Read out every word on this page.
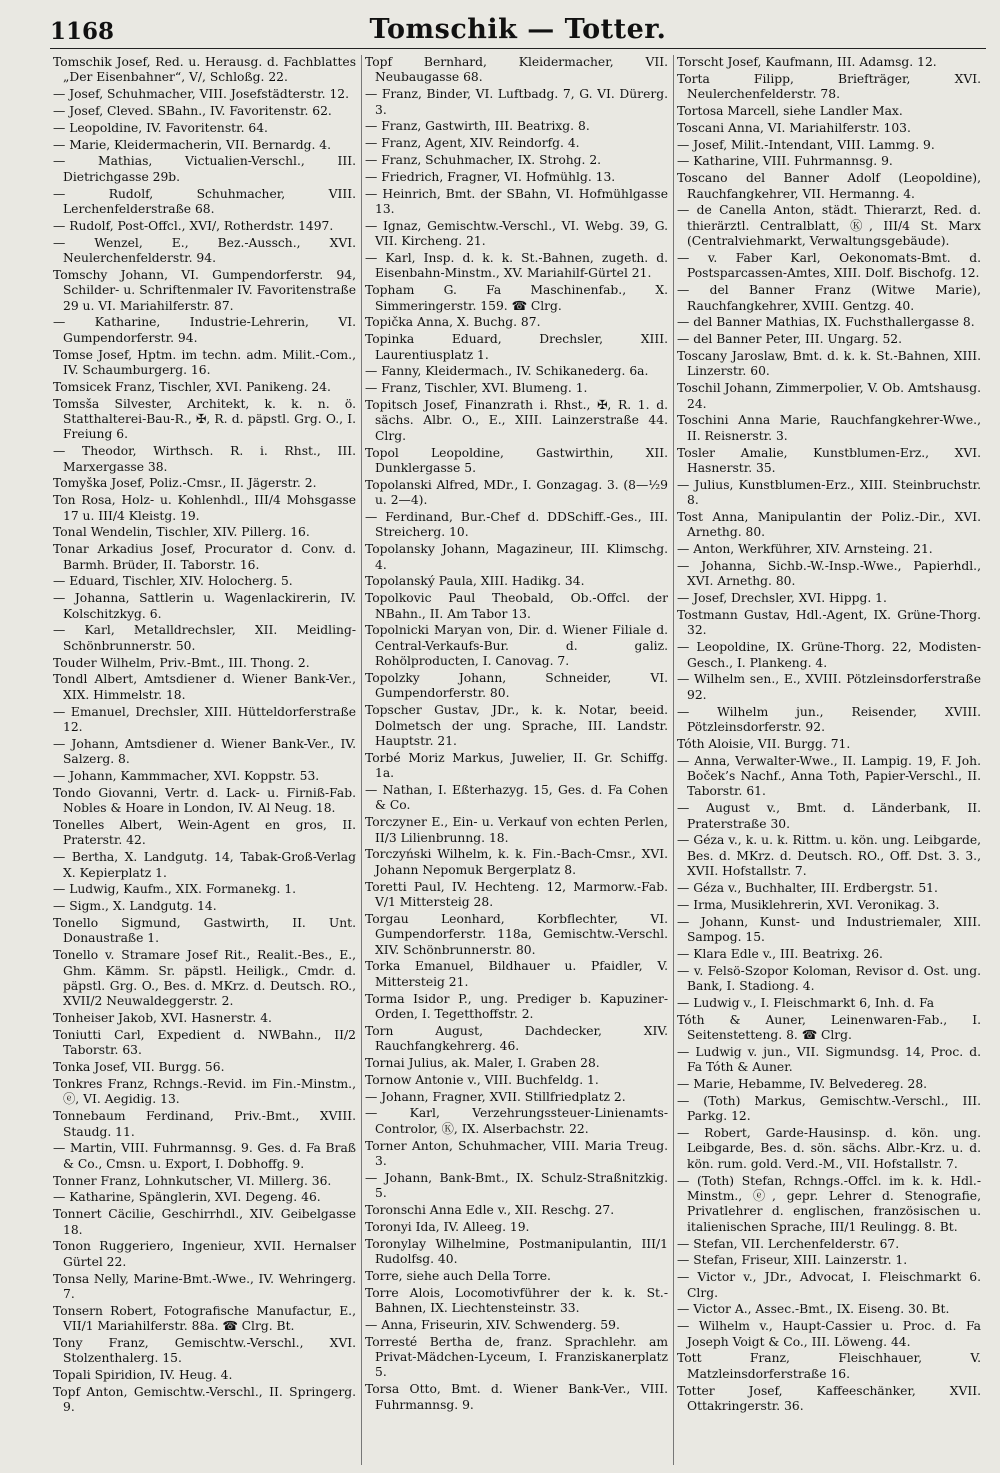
1168	Tomschik — Totter.

Tomschik Josef, Red. u. Herausg. d. Fachblattes „Der Eisenbahner“, V/, Schloßg. 22.

— Josef, Schuhmacher, VIII. Josefstädterstr. 12.

— Josef, Cleved. SBahn., IV. Favoritenstr. 62.

— Leopoldine, IV. Favoritenstr. 64.

— Marie, Kleidermacherin, VII. Bernardg. 4.

— Mathias, Victualien-Verschl., III. Dietrichgasse 29b.

— Rudolf, Schuhmacher, VIII. Lerchenfelderstraße 68.

— Rudolf, Post-Offcl., XVI/, Rotherdstr. 1497.

— Wenzel, E., Bez.-Aussch., XVI. Neulerchenfelderstr. 94.

Tomschy Johann, VI. Gumpendorferstr. 94, Schilder- u. Schriftenmaler IV. Favoritenstraße 29 u. VI. Mariahilferstr. 87.

— Katharine, Industrie-Lehrerin, VI. Gumpendorferstr. 94.

Tomse Josef, Hptm. im techn. adm. Milit.-Com., IV. Schaumburgerg. 16.

Tomsicek Franz, Tischler, XVI. Panikeng. 24.

Tomsša Silvester, Architekt, k. k. n. ö. Statthalterei-Bau-R., ✠, R. d. päpstl. Grg. O., I. Freiung 6.

— Theodor, Wirthsch. R. i. Rhst., III. Marxergasse 38.

Tomyška Josef, Poliz.-Cmsr., II. Jägerstr. 2.

Ton Rosa, Holz- u. Kohlenhdl., III/4 Mohsgasse 17 u. III/4 Kleistg. 19.

Tonal Wendelin, Tischler, XIV. Pillerg. 16.

Tonar Arkadius Josef, Procurator d. Conv. d. Barmh. Brüder, II. Taborstr. 16.

— Eduard, Tischler, XIV. Holocherg. 5.

— Johanna, Sattlerin u. Wagenlackirerin, IV. Kolschitzkyg. 6.

— Karl, Metalldrechsler, XII. Meidling-Schönbrunnerstr. 50.

Touder Wilhelm, Priv.-Bmt., III. Thong. 2.

Tondl Albert, Amtsdiener d. Wiener Bank-Ver., XIX. Himmelstr. 18.

— Emanuel, Drechsler, XIII. Hütteldorferstraße 12.

— Johann, Amtsdiener d. Wiener Bank-Ver., IV. Salzerg. 8.

— Johann, Kammmacher, XVI. Koppstr. 53.

Tondo Giovanni, Vertr. d. Lack- u. Firniß-Fab. Nobles & Hoare in London, IV. Al Neug. 18.

Tonelles Albert, Wein-Agent en gros, II. Praterstr. 42.

— Bertha, X. Landgutg. 14, Tabak-Groß-Verlag X. Kepierplatz 1.

— Ludwig, Kaufm., XIX. Formanekg. 1.

— Sigm., X. Landgutg. 14.

Tonello Sigmund, Gastwirth, II. Unt. Donaustraße 1.

Tonello v. Stramare Josef Rit., Realit.-Bes., E., Ghm. Kämm. Sr. päpstl. Heiligk., Cmdr. d. päpstl. Grg. O., Bes. d. MKrz. d. Deutsch. RO., XVII/2 Neuwaldeggerstr. 2.

Tonheiser Jakob, XVI. Hasnerstr. 4.

Toniutti Carl, Expedient d. NWBahn., II/2 Taborstr. 63.

Tonka Josef, VII. Burgg. 56.

Tonkres Franz, Rchngs.-Revid. im Fin.-Minstm., ⓔ, VI. Aegidig. 13.

Tonnebaum Ferdinand, Priv.-Bmt., XVIII. Staudg. 11.

— Martin, VIII. Fuhrmannsg. 9. Ges. d. Fa Braß & Co., Cmsn. u. Export, I. Dobhoffg. 9.

Tonner Franz, Lohnkutscher, VI. Millerg. 36.

— Katharine, Spänglerin, XVI. Degeng. 46.

Tonnert Cäcilie, Geschirrhdl., XIV. Geibelgasse 18.

Tonon Ruggeriero, Ingenieur, XVII. Hernalser Gürtel 22.

Tonsa Nelly, Marine-Bmt.-Wwe., IV. Wehringerg. 7.

Tonsern Robert, Fotografische Manufactur, E., VII/1 Mariahilferstr. 88a. ☎ Clrg. Bt.

Tony Franz, Gemischtw.-Verschl., XVI. Stolzenthalerg. 15.

Topali Spiridion, IV. Heug. 4.

Topf Anton, Gemischtw.-Verschl., II. Springerg. 9.

Topf Bernhard, Kleidermacher, VII. Neubaugasse 68.

— Franz, Binder, VI. Luftbadg. 7, G. VI. Dürerg. 3.

— Franz, Gastwirth, III. Beatrixg. 8.

— Franz, Agent, XIV. Reindorfg. 4.

— Franz, Schuhmacher, IX. Strohg. 2.

— Friedrich, Fragner, VI. Hofmühlg. 13.

— Heinrich, Bmt. der SBahn, VI. Hofmühlgasse 13.

— Ignaz, Gemischtw.-Verschl., VI. Webg. 39, G. VII. Kircheng. 21.

— Karl, Insp. d. k. k. St.-Bahnen, zugeth. d. Eisenbahn-Minstm., XV. Mariahilf-Gürtel 21.

Topham G. Fa Maschinenfab., X. Simmeringerstr. 159. ☎ Clrg.

Topička Anna, X. Buchg. 87.

Topinka Eduard, Drechsler, XIII. Laurentiusplatz 1.

— Fanny, Kleidermach., IV. Schikanederg. 6a.

— Franz, Tischler, XVI. Blumeng. 1.

Topitsch Josef, Finanzrath i. Rhst., ✠, R. 1. d. sächs. Albr. O., E., XIII. Lainzerstraße 44. Clrg.

Topol Leopoldine, Gastwirthin, XII. Dunklergasse 5.

Topolanski Alfred, MDr., I. Gonzagag. 3. (8—½9 u. 2—4).

— Ferdinand, Bur.-Chef d. DDSchiff.-Ges., III. Streicherg. 10.

Topolansky Johann, Magazineur, III. Klimschg. 4.

Topolanský Paula, XIII. Hadikg. 34.

Topolkovic Paul Theobald, Ob.-Offcl. der NBahn., II. Am Tabor 13.

Topolnicki Maryan von, Dir. d. Wiener Filiale d. Central-Verkaufs-Bur. d. galiz. Rohölproducten, I. Canovag. 7.

Topolzky Johann, Schneider, VI. Gumpendorferstr. 80.

Topscher Gustav, JDr., k. k. Notar, beeid. Dolmetsch der ung. Sprache, III. Landstr. Hauptstr. 21.

Torbé Moriz Markus, Juwelier, II. Gr. Schiffg. 1a.

— Nathan, I. Eßterhazyg. 15, Ges. d. Fa Cohen & Co.

Torczyner E., Ein- u. Verkauf von echten Perlen, II/3 Lilienbrunng. 18.

Torczyński Wilhelm, k. k. Fin.-Bach-Cmsr., XVI. Johann Nepomuk Bergerplatz 8.

Toretti Paul, IV. Hechteng. 12, Marmorw.-Fab. V/1 Mittersteig 28.

Torgau Leonhard, Korbflechter, VI. Gumpendorferstr. 118a, Gemischtw.-Verschl. XIV. Schönbrunnerstr. 80.

Torka Emanuel, Bildhauer u. Pfaidler, V. Mittersteig 21.

Torma Isidor P., ung. Prediger b. Kapuziner-Orden, I. Tegetthoffstr. 2.

Torn August, Dachdecker, XIV. Rauchfangkehrerg. 46.

Tornai Julius, ak. Maler, I. Graben 28.

Tornow Antonie v., VIII. Buchfeldg. 1.

— Johann, Fragner, XVII. Stillfriedplatz 2.

— Karl, Verzehrungssteuer-Linienamts-Controlor, Ⓚ, IX. Alserbachstr. 22.

Torner Anton, Schuhmacher, VIII. Maria Treug. 3.

— Johann, Bank-Bmt., IX. Schulz-Straßnitzkig. 5.

Toronschi Anna Edle v., XII. Reschg. 27.

Toronyi Ida, IV. Alleeg. 19.

Toronylay Wilhelmine, Postmanipulantin, III/1 Rudolfsg. 40.

Torre, siehe auch Della Torre.

Torre Alois, Locomotivführer der k. k. St.-Bahnen, IX. Liechtensteinstr. 33.

— Anna, Friseurin, XIV. Schwenderg. 59.

Torresté Bertha de, franz. Sprachlehr. am Privat-Mädchen-Lyceum, I. Franziskanerplatz 5.

Torsa Otto, Bmt. d. Wiener Bank-Ver., VIII. Fuhrmannsg. 9.

Torscht Josef, Kaufmann, III. Adamsg. 12.

Torta Filipp, Briefträger, XVI. Neulerchenfelderstr. 78.

Tortosa Marcell, siehe Landler Max.

Toscani Anna, VI. Mariahilferstr. 103.

— Josef, Milit.-Intendant, VIII. Lammg. 9.

— Katharine, VIII. Fuhrmannsg. 9.

Toscano del Banner Adolf (Leopoldine), Rauchfangkehrer, VII. Hermanng. 4.

— de Canella Anton, städt. Thierarzt, Red. d. thierärztl. Centralblatt, Ⓚ, III/4 St. Marx (Centralviehmarkt, Verwaltungsgebäude).

— v. Faber Karl, Oekonomats-Bmt. d. Postsparcassen-Amtes, XIII. Dolf. Bischofg. 12.

— del Banner Franz (Witwe Marie), Rauchfangkehrer, XVIII. Gentzg. 40.

— del Banner Mathias, IX. Fuchsthallergasse 8.

— del Banner Peter, III. Ungarg. 52.

Toscany Jaroslaw, Bmt. d. k. k. St.-Bahnen, XIII. Linzerstr. 60.

Toschil Johann, Zimmerpolier, V. Ob. Amtshausg. 24.

Toschini Anna Marie, Rauchfangkehrer-Wwe., II. Reisnerstr. 3.

Tosler Amalie, Kunstblumen-Erz., XVI. Hasnerstr. 35.

— Julius, Kunstblumen-Erz., XIII. Steinbruchstr. 8.

Tost Anna, Manipulantin der Poliz.-Dir., XVI. Arnethg. 80.

— Anton, Werkführer, XIV. Arnsteing. 21.

— Johanna, Sichb.-W.-Insp.-Wwe., Papierhdl., XVI. Arnethg. 80.

— Josef, Drechsler, XVI. Hippg. 1.

Tostmann Gustav, Hdl.-Agent, IX. Grüne-Thorg. 32.

— Leopoldine, IX. Grüne-Thorg. 22, Modisten-Gesch., I. Plankeng. 4.

— Wilhelm sen., E., XVIII. Pötzleinsdorferstraße 92.

— Wilhelm jun., Reisender, XVIII. Pötzleinsdorferstr. 92.

Tóth Aloisie, VII. Burgg. 71.

— Anna, Verwalter-Wwe., II. Lampig. 19, F. Joh. Boček’s Nachf., Anna Toth, Papier-Verschl., II. Taborstr. 61.

— August v., Bmt. d. Länderbank, II. Praterstraße 30.

— Géza v., k. u. k. Rittm. u. kön. ung. Leibgarde, Bes. d. MKrz. d. Deutsch. RO., Off. Dst. 3. 3., XVII. Hofstallstr. 7.

— Géza v., Buchhalter, III. Erdbergstr. 51.

— Irma, Musiklehrerin, XVI. Veronikag. 3.

— Johann, Kunst- und Industriemaler, XIII. Sampog. 15.

— Klara Edle v., III. Beatrixg. 26.

— v. Felsö-Szopor Koloman, Revisor d. Ost. ung. Bank, I. Stadiong. 4.

— Ludwig v., I. Fleischmarkt 6, Inh. d. Fa

Tóth & Auner, Leinenwaren-Fab., I. Seitenstetteng. 8. ☎ Clrg.

— Ludwig v. jun., VII. Sigmundsg. 14, Proc. d. Fa Tóth & Auner.

— Marie, Hebamme, IV. Belvedereg. 28.

— (Toth) Markus, Gemischtw.-Verschl., III. Parkg. 12.

— Robert, Garde-Hausinsp. d. kön. ung. Leibgarde, Bes. d. sön. sächs. Albr.-Krz. u. d. kön. rum. gold. Verd.-M., VII. Hofstallstr. 7.

— (Toth) Stefan, Rchngs.-Offcl. im k. k. Hdl.-Minstm., ⓔ, gepr. Lehrer d. Stenografie, Privatlehrer d. englischen, französischen u. italienischen Sprache, III/1 Reulingg. 8. Bt.

— Stefan, VII. Lerchenfelderstr. 67.

— Stefan, Friseur, XIII. Lainzerstr. 1.

— Victor v., JDr., Advocat, I. Fleischmarkt 6. Clrg.

— Victor A., Assec.-Bmt., IX. Eiseng. 30. Bt.

— Wilhelm v., Haupt-Cassier u. Proc. d. Fa Joseph Voigt & Co., III. Löweng. 44.

Tott Franz, Fleischhauer, V. Matzleinsdorferstraße 16.

Totter Josef, Kaffeeschänker, XVII. Ottakringerstr. 36.
